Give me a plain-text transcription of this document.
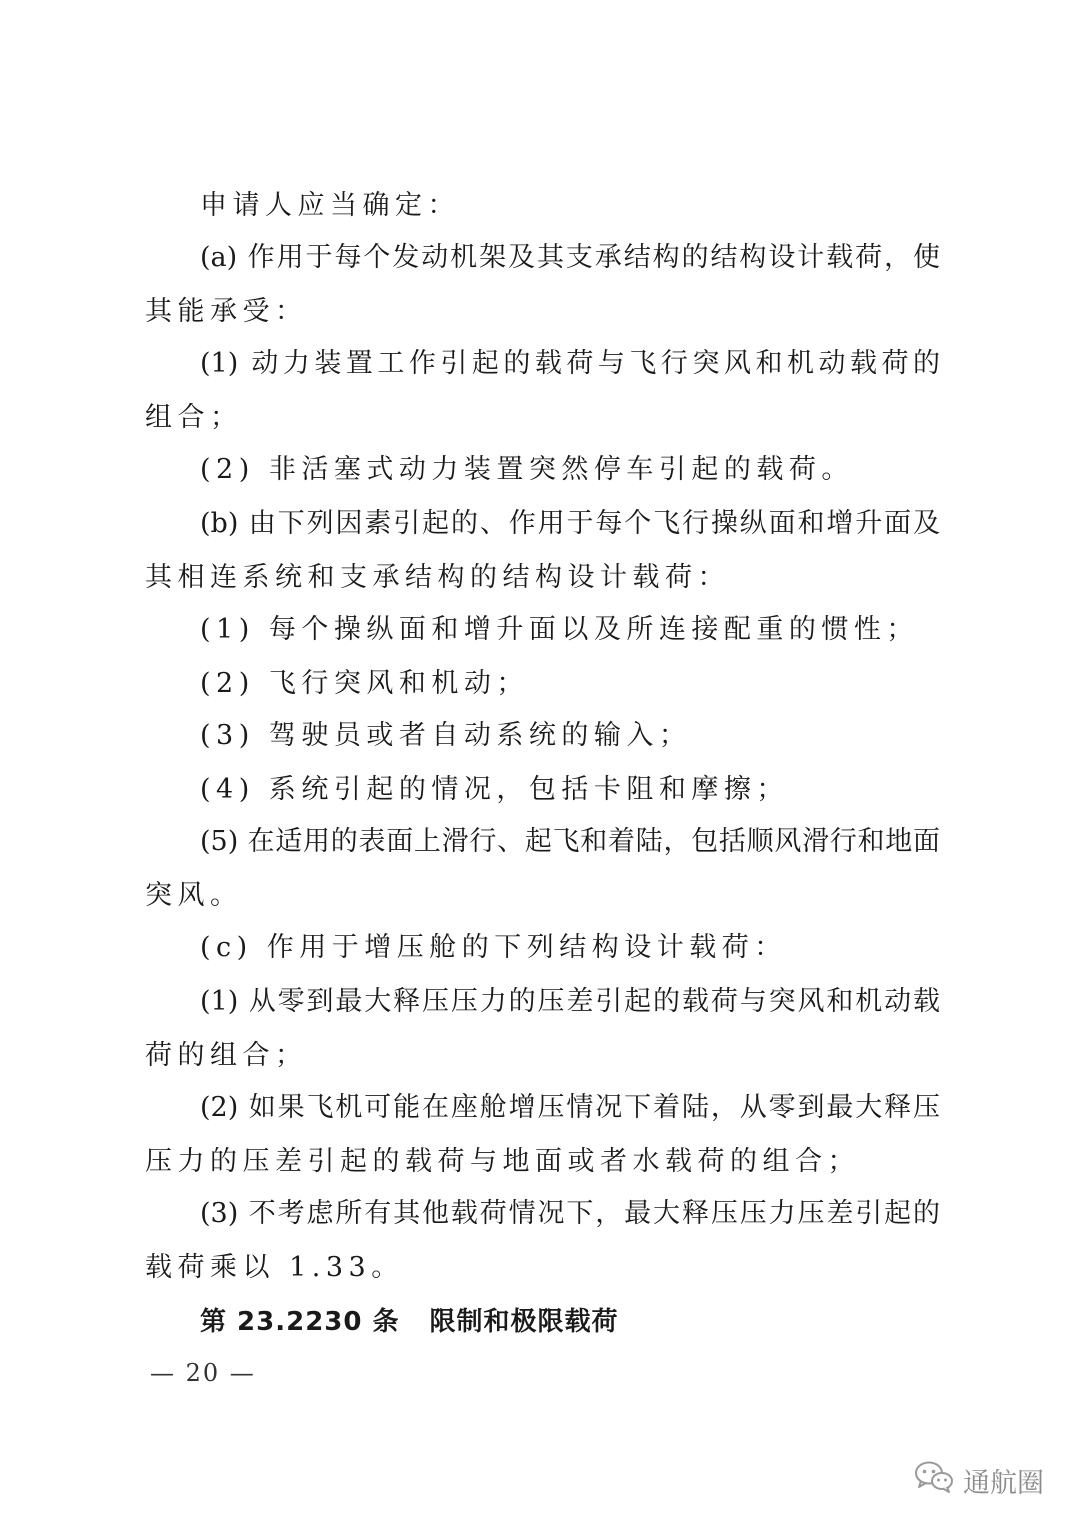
申请人应当确定：
(a) 作用于每个发动机架及其支承结构的结构设计载荷，使
其能承受：
(1) 动力装置工作引起的载荷与飞行突风和机动载荷的
组合；
(2) 非活塞式动力装置突然停车引起的载荷。
(b) 由下列因素引起的、作用于每个飞行操纵面和增升面及
其相连系统和支承结构的结构设计载荷：
(1) 每个操纵面和增升面以及所连接配重的惯性；
(2) 飞行突风和机动；
(3) 驾驶员或者自动系统的输入；
(4) 系统引起的情况，包括卡阻和摩擦；
(5) 在适用的表面上滑行、起飞和着陆，包括顺风滑行和地面
突风。
(c) 作用于增压舱的下列结构设计载荷：
(1) 从零到最大释压压力的压差引起的载荷与突风和机动载
荷的组合；
(2) 如果飞机可能在座舱增压情况下着陆，从零到最大释压
压力的压差引起的载荷与地面或者水载荷的组合；
(3) 不考虑所有其他载荷情况下，最大释压压力压差引起的
载荷乘以 1.33。
第 23.2230 条 限制和极限载荷
— 20 —
通航圈
